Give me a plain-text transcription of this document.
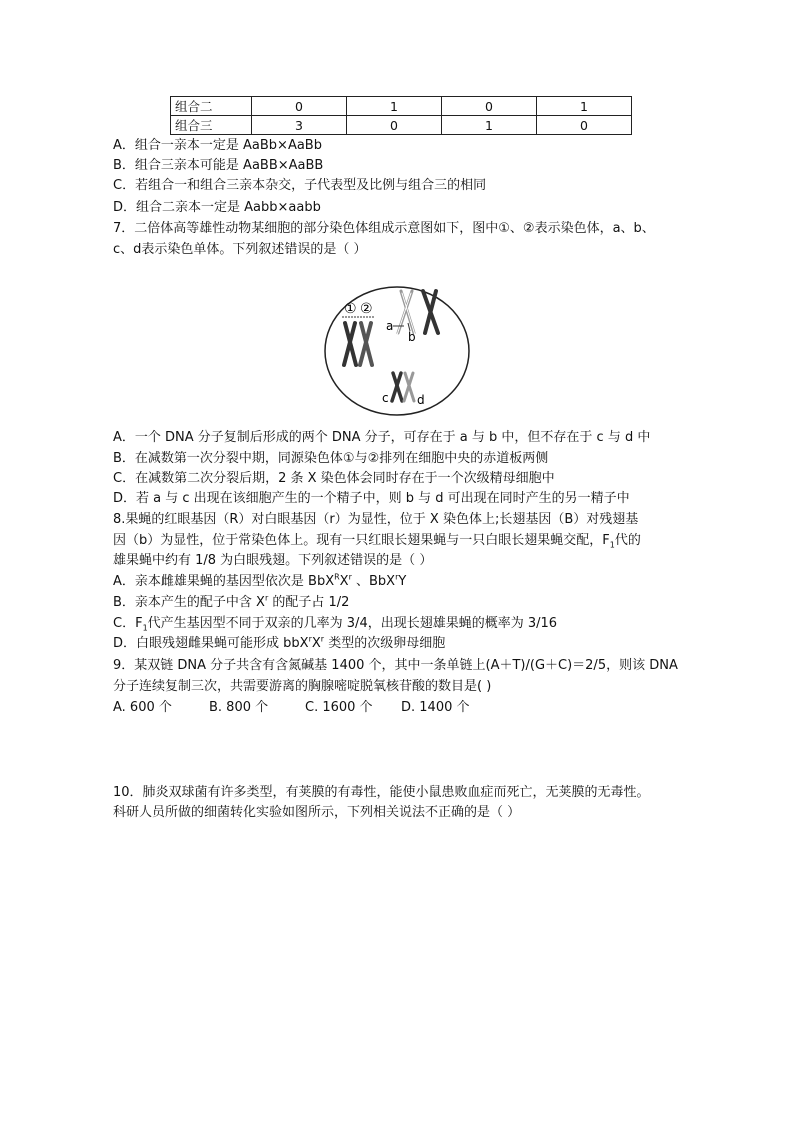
组合二	0	1	0	1
组合三	3	0	1	0
A．组合一亲本一定是 AaBb×AaBb
B．组合三亲本可能是 AaBB×AaBB
C．若组合一和组合三亲本杂交，子代表型及比例与组合三的相同
D．组合二亲本一定是 Aabb×aabb
7．二倍体高等雄性动物某细胞的部分染色体组成示意图如下，图中①、②表示染色体，a、b、
c、d表示染色单体。下列叙述错误的是（ ）
① ②
a
b
c d
A．一个 DNA 分子复制后形成的两个 DNA 分子，可存在于 a 与 b 中，但不存在于 c 与 d 中
B．在减数第一次分裂中期，同源染色体①与②排列在细胞中央的赤道板两侧
C．在减数第二次分裂后期，2 条 X 染色体会同时存在于一个次级精母细胞中
D．若 a 与 c 出现在该细胞产生的一个精子中，则 b 与 d 可出现在同时产生的另一精子中
8.果蝇的红眼基因（R）对白眼基因（r）为显性，位于 X 染色体上;长翅基因（B）对残翅基
因（b）为显性，位于常染色体上。现有一只红眼长翅果蝇与一只白眼长翅果蝇交配，$F_1$代的
雄果蝇中约有 1/8 为白眼残翅。下列叙述错误的是（ ）
A．亲本雌雄果蝇的基因型依次是 $BbX^RX^r$ 、BbX$^r$Y
B．亲本产生的配子中含 $X^r$ 的配子占 1/2
C．$F_1$代产生基因型不同于双亲的几率为 3/4，出现长翅雄果蝇的概率为 3/16
D．白眼残翅雌果蝇可能形成 $bbX^rX^r$ 类型的次级卵母细胞
9．某双链 DNA 分子共含有含氮碱基 1400 个，其中一条单链上(A＋T)/(G＋C)＝2/5，则该 DNA
分子连续复制三次，共需要游离的胸腺嘧啶脱氧核苷酸的数目是( )
A. 600 个	B. 800 个	C. 1600 个 D. 1400 个
10．肺炎双球菌有许多类型，有荚膜的有毒性，能使小鼠患败血症而死亡，无荚膜的无毒性。
科研人员所做的细菌转化实验如图所示，下列相关说法不正确的是（ ）
